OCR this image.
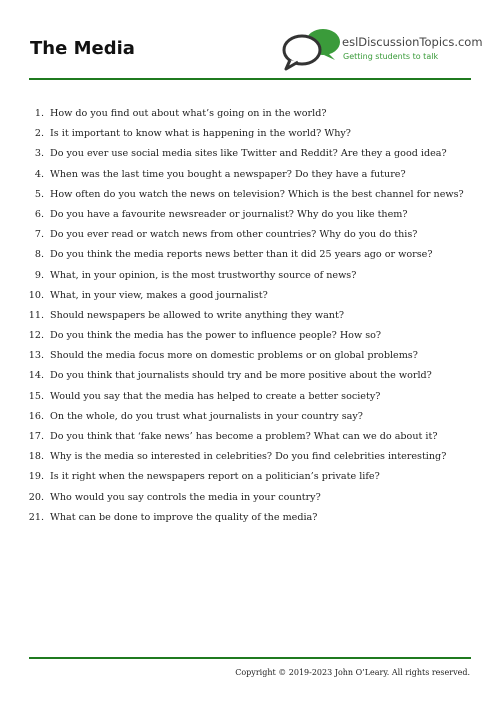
The Media	eslDiscussionTopics.com
Getting students to talk
1. How do you find out about what’s going on in the world?
2. Is it important to know what is happening in the world? Why?
3. Do you ever use social media sites like Twitter and Reddit? Are they a good idea?
4. When was the last time you bought a newspaper? Do they have a future?
5. How often do you watch the news on television? Which is the best channel for news?
6. Do you have a favourite newsreader or journalist? Why do you like them?
7. Do you ever read or watch news from other countries? Why do you do this?
8. Do you think the media reports news better than it did 25 years ago or worse?
9. What, in your opinion, is the most trustworthy source of news?
10. What, in your view, makes a good journalist?
11. Should newspapers be allowed to write anything they want?
12. Do you think the media has the power to influence people? How so?
13. Should the media focus more on domestic problems or on global problems?
14. Do you think that journalists should try and be more positive about the world?
15. Would you say that the media has helped to create a better society?
16. On the whole, do you trust what journalists in your country say?
17. Do you think that ‘fake news’ has become a problem? What can we do about it?
18. Why is the media so interested in celebrities? Do you find celebrities interesting?
19. Is it right when the newspapers report on a politician’s private life?
20. Who would you say controls the media in your country?
21. What can be done to improve the quality of the media?
Copyright © 2019-2023 John O’Leary. All rights reserved.
